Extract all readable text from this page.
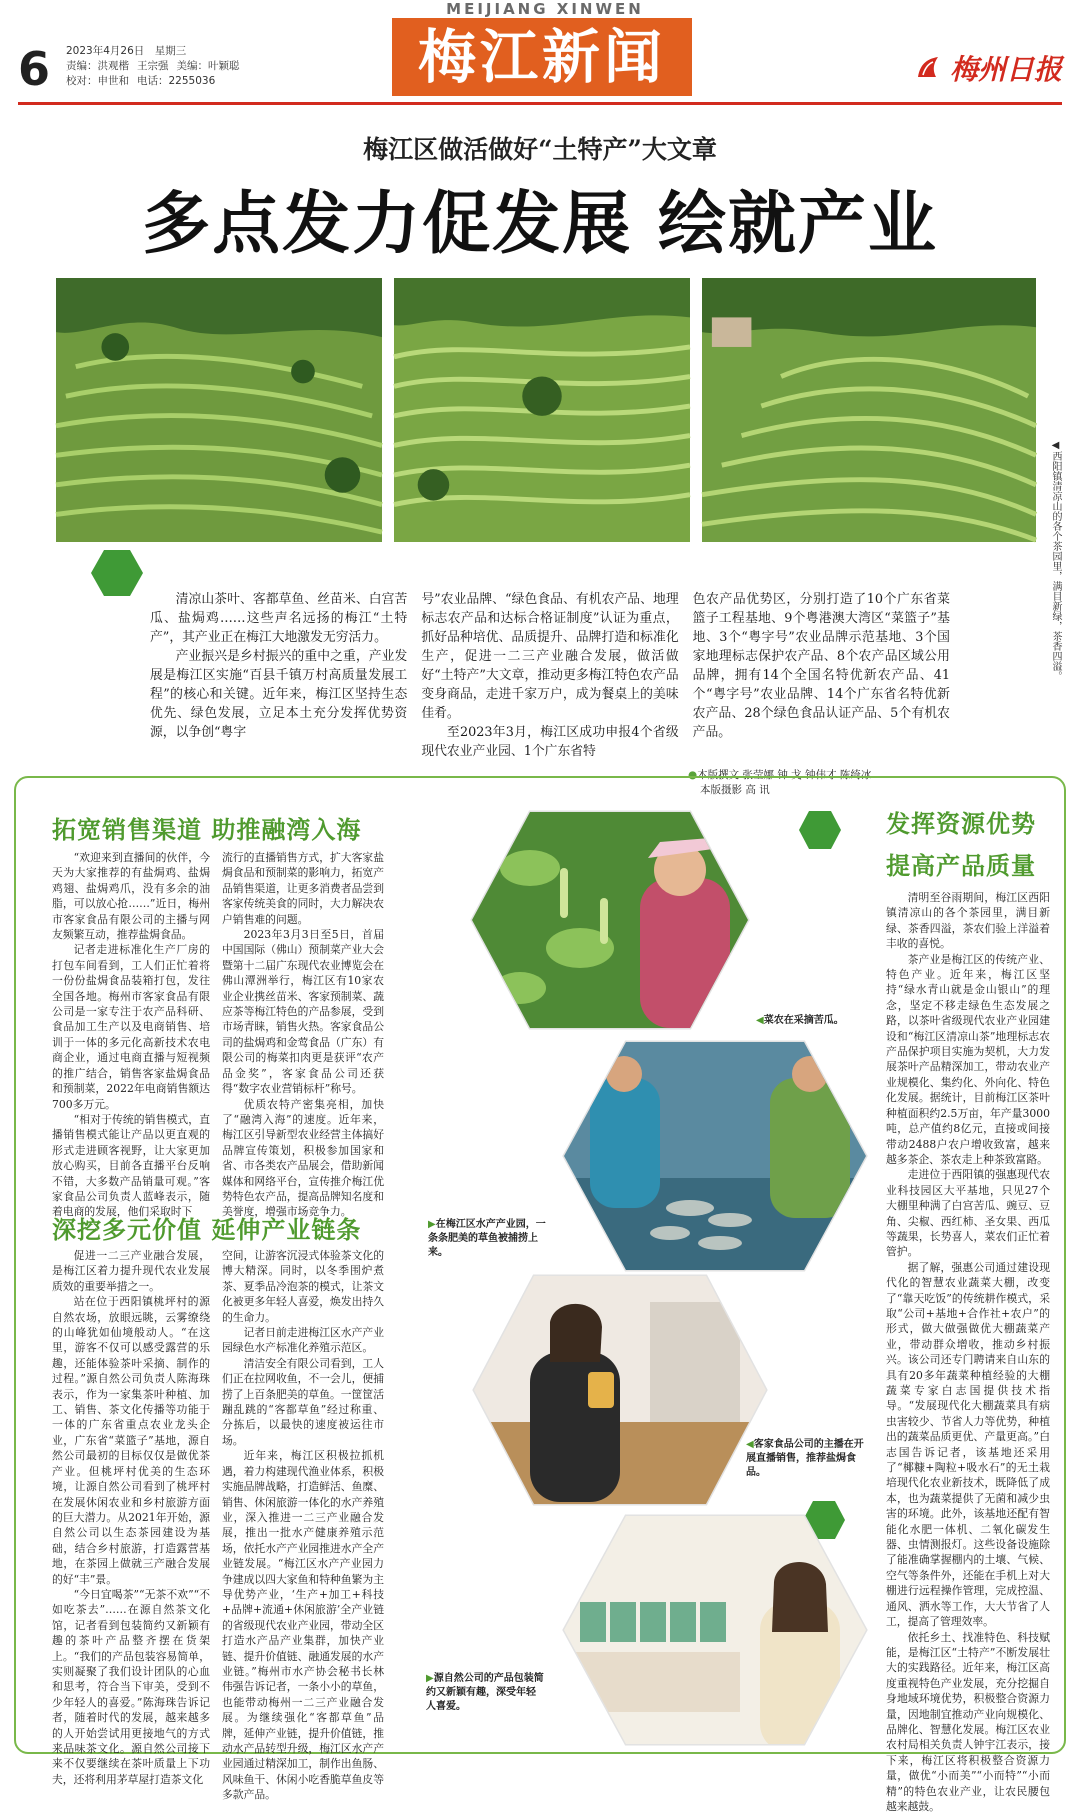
6 2023年4月26日　星期三
责编：洪观楷 王宗强 美编：叶颖聪
校对：申世和 电话：2255036
MEIJIANG XINWEN
梅江新闻	梅州日报
梅江区做活做好“土特产”大文章
多点发力促发展 绘就产业
◀西阳镇清凉山的各个茶园里，满目新绿，茶香四溢。

清凉山茶叶、客都草鱼、丝苗米、白宫苦瓜、盐焗鸡……这些声名远扬的梅江“土特产”，其产业正在梅江大地激发无穷活力。

产业振兴是乡村振兴的重中之重，产业发展是梅江区实施“百县千镇万村高质量发展工程”的核心和关键。近年来，梅江区坚持生态优先、绿色发展，立足本土充分发挥优势资源，以争创“粤字

号”农业品牌、“绿色食品、有机农产品、地理标志农产品和达标合格证制度”认证为重点，抓好品种培优、品质提升、品牌打造和标准化生产，促进一二三产业融合发展，做活做好“土特产”大文章，推动更多梅江特色农产品变身商品，走进千家万户，成为餐桌上的美味佳肴。

至2023年3月，梅江区成功申报4个省级现代农业产业园、1个广东省特

色农产品优势区，分别打造了10个广东省菜篮子工程基地、9个粤港澳大湾区“菜篮子”基地、3个“粤字号”农业品牌示范基地、3个国家地理标志保护农产品、8个农产品区域公用品牌，拥有14个全国名特优新农产品、41个“粤字号”农业品牌、14个广东省名特优新农产品、28个绿色食品认证产品、5个有机农产品。

●本版撰文 张莹娜 钟 戈 钟伟才 陈绮冰
本版摄影 高 讯
拓宽销售渠道 助推融湾入海

“欢迎来到直播间的伙伴，今天为大家推荐的有盐焗鸡、盐焗鸡翅、盐焗鸡爪，没有多余的油脂，可以放心抢……”近日，梅州市客家食品有限公司的主播与网友频繁互动，推荐盐焗食品。

记者走进标准化生产厂房的打包车间看到，工人们正忙着将一份份盐焗食品装箱打包，发往全国各地。梅州市客家食品有限公司是一家专注于农产品科研、食品加工生产以及电商销售、培训于一体的多元化高新技术农电商企业，通过电商直播与短视频的推广结合，销售客家盐焗食品和预制菜，2022年电商销售额达700多万元。

“相对于传统的销售模式，直播销售模式能让产品以更直观的形式走进顾客视野，让大家更加放心购买，目前各直播平台反响不错，大多数产品销量可观。”客家食品公司负责人蓝峰表示，随着电商的发展，他们采取时下

流行的直播销售方式，扩大客家盐焗食品和预制菜的影响力，拓宽产品销售渠道，让更多消费者品尝到客家传统美食的同时，大力解决农户销售难的问题。

2023年3月3日至5日，首届中国国际（佛山）预制菜产业大会暨第十二届广东现代农业博览会在佛山潭洲举行，梅江区有10家农业企业携丝苗米、客家预制菜、蔬应茶等梅江特色的产品参展，受到市场青睐，销售火热。客家食品公司的盐焗鸡和金莺食品（广东）有限公司的梅菜扣肉更是获评“农产品金奖”，客家食品公司还获得“数字农业营销标杆”称号。

优质农特产密集亮相，加快了“融湾入海”的速度。近年来，梅江区引导新型农业经营主体搞好品牌宣传策划，积极参加国家和省、市各类农产品展会，借助新闻媒体和网络平台，宣传推介梅江优势特色农产品，提高品牌知名度和美誉度，增强市场竞争力。

深挖多元价值 延伸产业链条

促进一二三产业融合发展，是梅江区着力提升现代农业发展质效的重要举措之一。

站在位于西阳镇桃坪村的源自然农场，放眼远眺，云雾缭绕的山峰犹如仙境般动人。“在这里，游客不仅可以感受露营的乐趣，还能体验茶叶采摘、制作的过程。”源自然公司负责人陈海珠表示，作为一家集茶叶种植、加工、销售、茶文化传播等功能于一体的广东省重点农业龙头企业，广东省“菜篮子”基地，源自然公司最初的目标仅仅是做优茶产业。但桃坪村优美的生态环境，让源自然公司看到了桃坪村在发展休闲农业和乡村旅游方面的巨大潜力。从2021年开始，源自然公司以生态茶园建设为基础，结合乡村旅游，打造露营基地，在茶园上做就三产融合发展的好“丰”景。

“今日宜喝茶”“无茶不欢”“不如吃茶去”……在源自然茶文化馆，记者看到包装简约又新颖有趣的茶叶产品整齐摆在货架上。“我们的产品包装容易简单，实则凝聚了我们设计团队的心血和思考，符合当下审美，受到不少年轻人的喜爱。”陈海珠告诉记者，随着时代的发展，越来越多的人开始尝试用更接地气的方式来品味茶文化。源自然公司接下来不仅要继续在茶叶质量上下功夫，还将利用茅草屋打造茶文化

空间，让游客沉浸式体验茶文化的博大精深。同时，以冬季围炉煮茶、夏季品冷泡茶的模式，让茶文化被更多年轻人喜爱，焕发出持久的生命力。

记者日前走进梅江区水产产业园绿色水产标准化养殖示范区。

清洁安全有限公司看到，工人们正在拉网收鱼，不一会儿，便捕捞了上百条肥美的草鱼。一筐筐活蹦乱跳的“客都草鱼”经过称重、分拣后，以最快的速度被运往市场。

近年来，梅江区积极拉抓机遇，着力构建现代渔业体系，积极实施品牌战略，打造鲜活、鱼糜、销售、休闲旅游一体化的水产养殖业，深入推进一二三产业融合发展，推出一批水产健康养殖示范场，依托水产产业园推进水产全产业链发展。“梅江区水产产业园力争建成以四大家鱼和特种鱼繁为主导优势产业，‘生产+加工+科技+品牌+流通+休闲旅游’全产业链的省级现代农业产业园，带动全区打造水产品产业集群，加快产业链、提升价值链、融通发展的水产业链。”梅州市水产协会秘书长林伟强告诉记者，一条小小的草鱼，也能带动梅州一二三产业融合发展。为继续强化“客都草鱼”品牌，延伸产业链，提升价值链，推动水产品转型升级，梅江区水产产业园通过精深加工，制作出鱼肠、风味鱼干、休闲小吃香脆草鱼皮等多款产品。

发挥资源优势
提高产品质量

清明至谷雨期间，梅江区西阳镇清凉山的各个茶园里，满目新绿、茶香四溢，茶农们验上洋溢着丰收的喜悦。

茶产业是梅江区的传统产业、特色产业。近年来，梅江区坚持“绿水青山就是金山银山”的理念，坚定不移走绿色生态发展之路，以茶叶省级现代农业产业园建设和“梅江区清凉山茶”地理标志农产品保护项目实施为契机，大力发展茶叶产品精深加工，带动农业产业规模化、集约化、外向化、特色化发展。据统计，目前梅江区茶叶种植面积约2.5万亩，年产量3000吨，总产值约8亿元，直接或间接带动2488户农户增收致富，越来越多茶企、茶农走上种茶致富路。

走进位于西阳镇的强惠现代农业科技园区大平基地，只见27个大棚里种满了白宫苦瓜、豌豆、豆角、尖椒、西红柿、圣女果、西瓜等蔬果，长势喜人，菜农们正忙着管护。

据了解，强惠公司通过建设现代化的智慧农业蔬菜大棚，改变了“靠天吃饭”的传统耕作模式，采取“公司+基地+合作社+农户”的形式，做大做强做优大棚蔬菜产业，带动群众增收，推动乡村振兴。该公司还专门聘请来自山东的具有20多年蔬菜种植经验的大棚蔬菜专家白志国提供技术指导。“发展现代化大棚蔬菜具有病虫害较少、节省人力等优势，种植出的蔬菜品质更优、产量更高。”白志国告诉记者，该基地还采用了“椰糠+陶粒+吸水石”的无土栽培现代化农业新技术，既降低了成本，也为蔬菜提供了无菌和减少虫害的环境。此外，该基地还配有智能化水肥一体机、二氧化碳发生器、虫情测报灯。这些设备设施除了能准确掌握棚内的土壤、气候、空气等条件外，还能在手机上对大棚进行远程操作管理，完成控温、通风、洒水等工作，大大节省了人工，提高了管理效率。

依托乡土、找准特色、科技赋能，是梅江区“土特产”不断发展壮大的实践路径。近年来，梅江区高度重视特色产业发展，充分挖掘自身地域环境优势，积极整合资源力量，因地制宜推动产业向规模化、品牌化、智慧化发展。梅江区农业农村局相关负责人钟宇江表示，接下来，梅江区将积极整合资源力量，做优“小而美”“小而特”“小而精”的特色农业产业，让农民腰包越来越鼓。

◀菜农在采摘苦瓜。
▶在梅江区水产产业园，一条条肥美的草鱼被捕捞上来。
◀客家食品公司的主播在开展直播销售，推荐盐焗食品。
▶源自然公司的产品包装简约又新颖有趣，深受年轻人喜爱。
